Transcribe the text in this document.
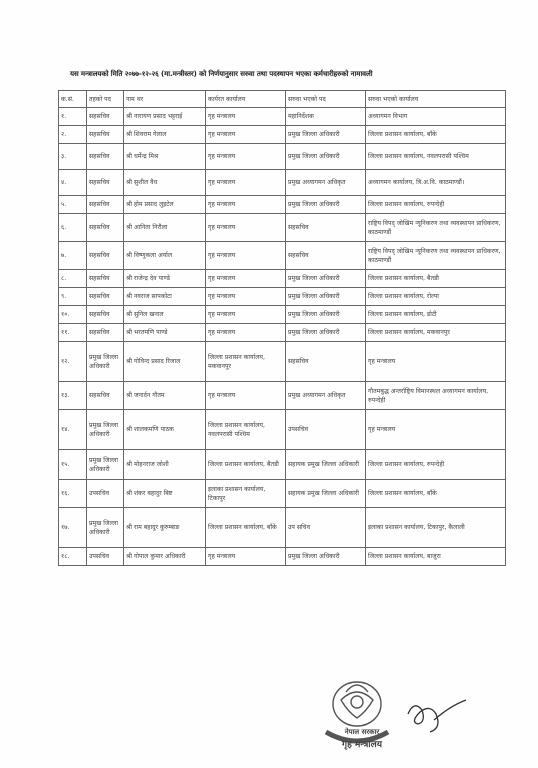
यस मन्त्रालयको मिति २०७७-१२-२६ (मा.मन्त्रीस्तर) को निर्णयानुसार सरुवा तथा पदस्थापन भएका कर्मचारीहरुको नामावली
क.सं.	तहको पद	नाम थर	कार्यरत कार्यालय	सरुवा भएको पद	सरुवा भएको कार्यालय
१.	सहसचिव	श्री नारायण प्रसाद भट्टराई	गृह मन्त्रालय	महानिर्देशक	अध्यागमन विभाग
२.	सहसचिव	श्री शिवराम गेलाल	गृह मन्त्रालय	प्रमुख जिल्ला अधिकारी	जिल्ला प्रशासन कार्यालय, बाँके
३.	सहसचिव	श्री धर्मेन्द्र मिश्र	गृह मन्त्रालय	प्रमुख जिल्ला अधिकारी	जिल्ला प्रशासन कार्यालय, नवलपरासी पश्चिम
४.	सहसचिव	श्री सुशील वैध	गृह मन्त्रालय	प्रमुख अध्यागमन अधिकृत	अध्यागमन कार्यालय, त्रि.अ.वि. काठमाण्डौं।
५.	सहसचिव	श्री होम प्रसाद लुइटेल	गृह मन्त्रालय	प्रमुख जिल्ला अधिकारी	जिल्ला प्रशासन कार्यालय, रुपन्देही
६.	सहसचिव	श्री आनिता निरौला	गृह मन्त्रालय	सहसचिव	राष्ट्रिय विपद् जोखिम न्यूनिकरण तथा व्यवस्थापन प्राधिकरण, काठमाण्डौं
७.	सहसचिव	श्री विष्णुकला अर्याल	गृह मन्त्रालय	सहसचिव	राष्ट्रिय विपद् जोखिम न्यूनिकरण तथा व्यवस्थापन प्राधिकरण, काठमाण्डौं
८.	सहसचिव	श्री राजेन्द्र देव पाण्डे	गृह मन्त्रालय	प्रमुख जिल्ला अधिकारी	जिल्ला प्रशासन कार्यालय, बैतडी
९.	सहसचिव	श्री नवराज सापकोटा	गृह मन्त्रालय	प्रमुख जिल्ला अधिकारी	जिल्ला प्रशासन कार्यालय, रोल्पा
१०.	सहसचिव	श्री सुनिल खनाल	गृह मन्त्रालय	प्रमुख जिल्ला अधिकारी	जिल्ला प्रशासन कार्यालय, डोटी
११.	सहसचिव	श्री भरतमणि पाण्डे	गृह मन्त्रालय	प्रमुख जिल्ला अधिकारी	जिल्ला प्रशासन कार्यालय, मकवानपुर
१२.	प्रमुख जिल्ला अधिकारी	श्री गोविन्द प्रसाद रिजाल	जिल्ला प्रशासन कार्यालय, मकवानपुर	सहसचिव	गृह मन्त्रालय
१३.	सहसचिव	श्री जनार्दन गौतम	गृह मन्त्रालय	प्रमुख अध्यागमन अधिकृत	गौतमबुद्ध अन्तर्राष्ट्रिय विमानस्थल अध्यागमन कार्यालय, रुपन्देही
१४.	प्रमुख जिल्ला अधिकारी	श्री शालकमणि पाठक	जिल्ला प्रशासन कार्यालय, नवलपरासी पश्चिम	उपसचिव	गृह मन्त्रालय
१५.	प्रमुख जिल्ला अधिकारी	श्री मोहनराज जोशी	जिल्ला प्रशासन कार्यालय, बैतडी	सहायक प्रमुख जिल्ला अधिकारी	जिल्ला प्रशासन कार्यालय, रुपन्देही
१६.	उपसचिव	श्री शंकर बहादुर बिष्ट	इलाका प्रशासन कार्यालय, टिकापुर	सहायक प्रमुख जिल्ला अधिकारी	जिल्ला प्रशासन कार्यालय, बाँके
१७.	प्रमुख जिल्ला अधिकारी	श्री राम बहादुर कुरुम्बाङ	जिल्ला प्रशासन कार्यालय, बाँके	उप सचिव	इलाका प्रशासन कार्यालय, टिकापुर, कैलाली
१८.	उपसचिव	श्री गोपाल कुमार अधिकारी	गृह मन्त्रालय	प्रमुख जिल्ला अधिकारी	जिल्ला प्रशासन कार्यालय, बाजुरा
नेपाल सरकार
गृह मन्त्रालय
